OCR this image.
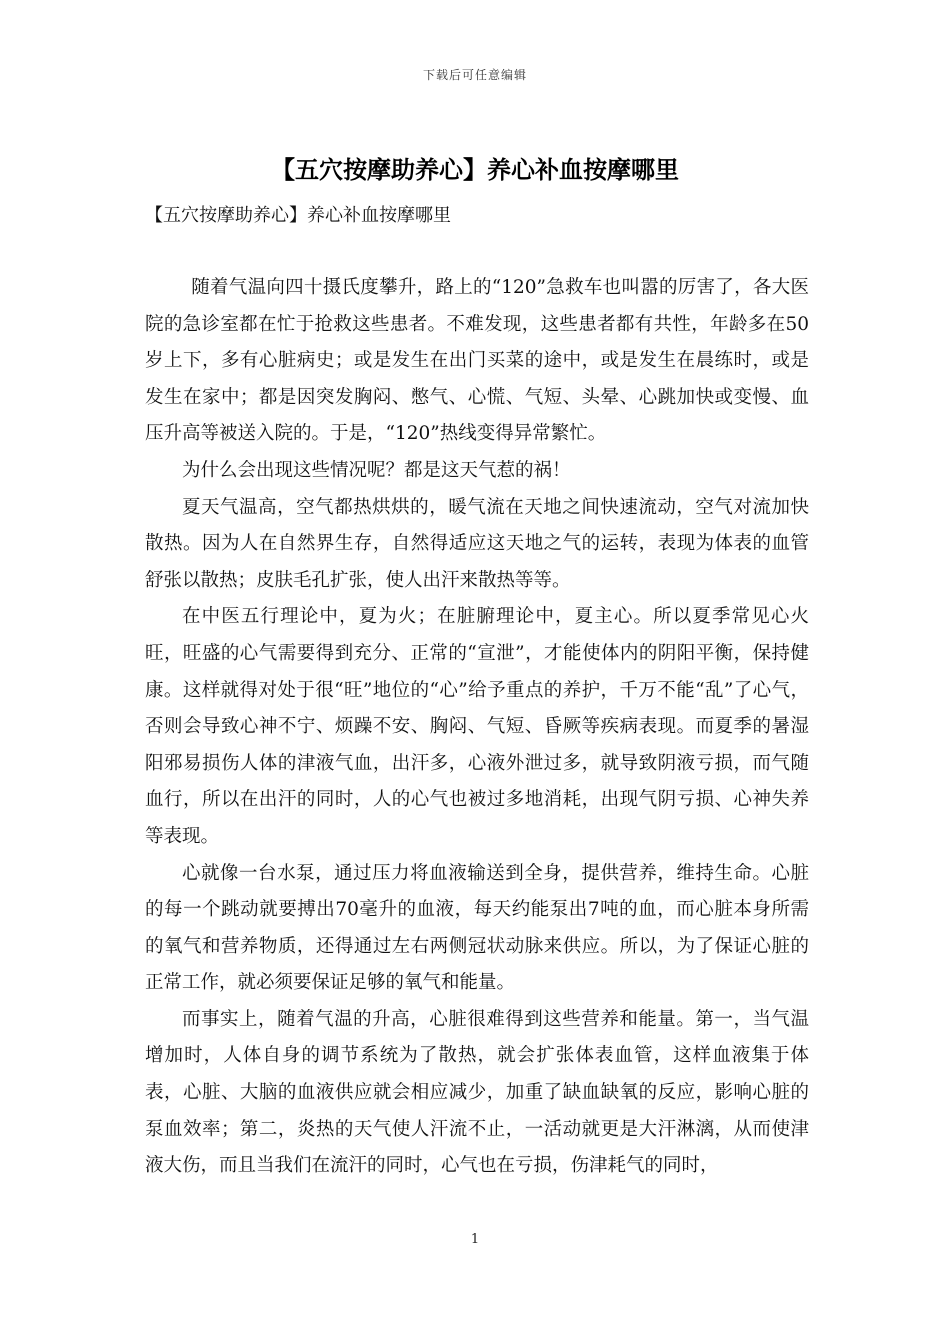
下载后可任意编辑
【五穴按摩助养心】养心补血按摩哪里
【五穴按摩助养心】养心补血按摩哪里

随着气温向四十摄氏度攀升，路上的“120”急救车也叫嚣的厉害了，各大医院的急诊室都在忙于抢救这些患者。不难发现，这些患者都有共性，年龄多在50岁上下，多有心脏病史；或是发生在出门买菜的途中，或是发生在晨练时，或是发生在家中；都是因突发胸闷、憋气、心慌、气短、头晕、心跳加快或变慢、血压升高等被送入院的。于是，“120”热线变得异常繁忙。

为什么会出现这些情况呢？都是这天气惹的祸！

夏天气温高，空气都热烘烘的，暖气流在天地之间快速流动，空气对流加快散热。因为人在自然界生存，自然得适应这天地之气的运转，表现为体表的血管舒张以散热；皮肤毛孔扩张，使人出汗来散热等等。

在中医五行理论中，夏为火；在脏腑理论中，夏主心。所以夏季常见心火旺，旺盛的心气需要得到充分、正常的“宣泄”，才能使体内的阴阳平衡，保持健康。这样就得对处于很“旺”地位的“心”给予重点的养护，千万不能“乱”了心气，否则会导致心神不宁、烦躁不安、胸闷、气短、昏厥等疾病表现。而夏季的暑湿阳邪易损伤人体的津液气血，出汗多，心液外泄过多，就导致阴液亏损，而气随血行，所以在出汗的同时，人的心气也被过多地消耗，出现气阴亏损、心神失养等表现。

心就像一台水泵，通过压力将血液输送到全身，提供营养，维持生命。心脏的每一个跳动就要搏出70毫升的血液，每天约能泵出7吨的血，而心脏本身所需的氧气和营养物质，还得通过左右两侧冠状动脉来供应。所以，为了保证心脏的正常工作，就必须要保证足够的氧气和能量。

而事实上，随着气温的升高，心脏很难得到这些营养和能量。第一，当气温增加时，人体自身的调节系统为了散热，就会扩张体表血管，这样血液集于体表，心脏、大脑的血液供应就会相应减少，加重了缺血缺氧的反应，影响心脏的泵血效率；第二，炎热的天气使人汗流不止，一活动就更是大汗淋漓，从而使津液大伤，而且当我们在流汗的同时，心气也在亏损，伤津耗气的同时，

1
